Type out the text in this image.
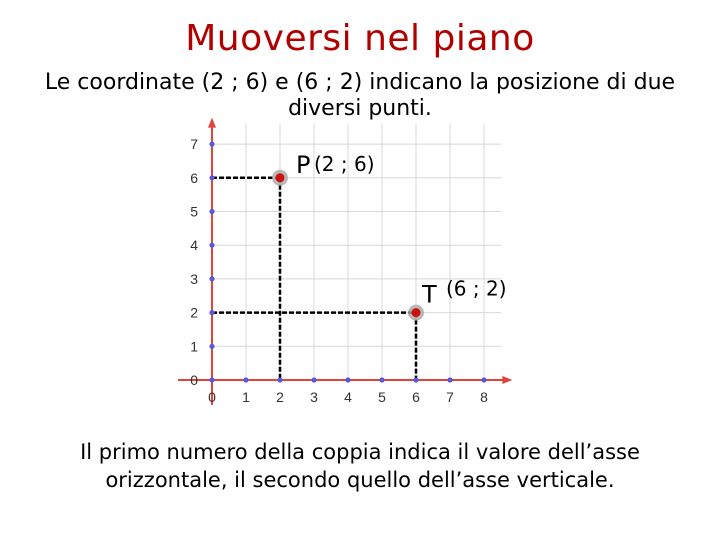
Muoversi nel piano
Le coordinate (2 ; 6) e (6 ; 2) indicano la posizione di due diversi punti.
0 1 2 3 4 5 6 7 8
0
1
2
3
4
5
6
7
P (2 ; 6)
T (6 ; 2)
Il primo numero della coppia indica il valore dell’asse orizzontale, il secondo quello dell’asse verticale.
